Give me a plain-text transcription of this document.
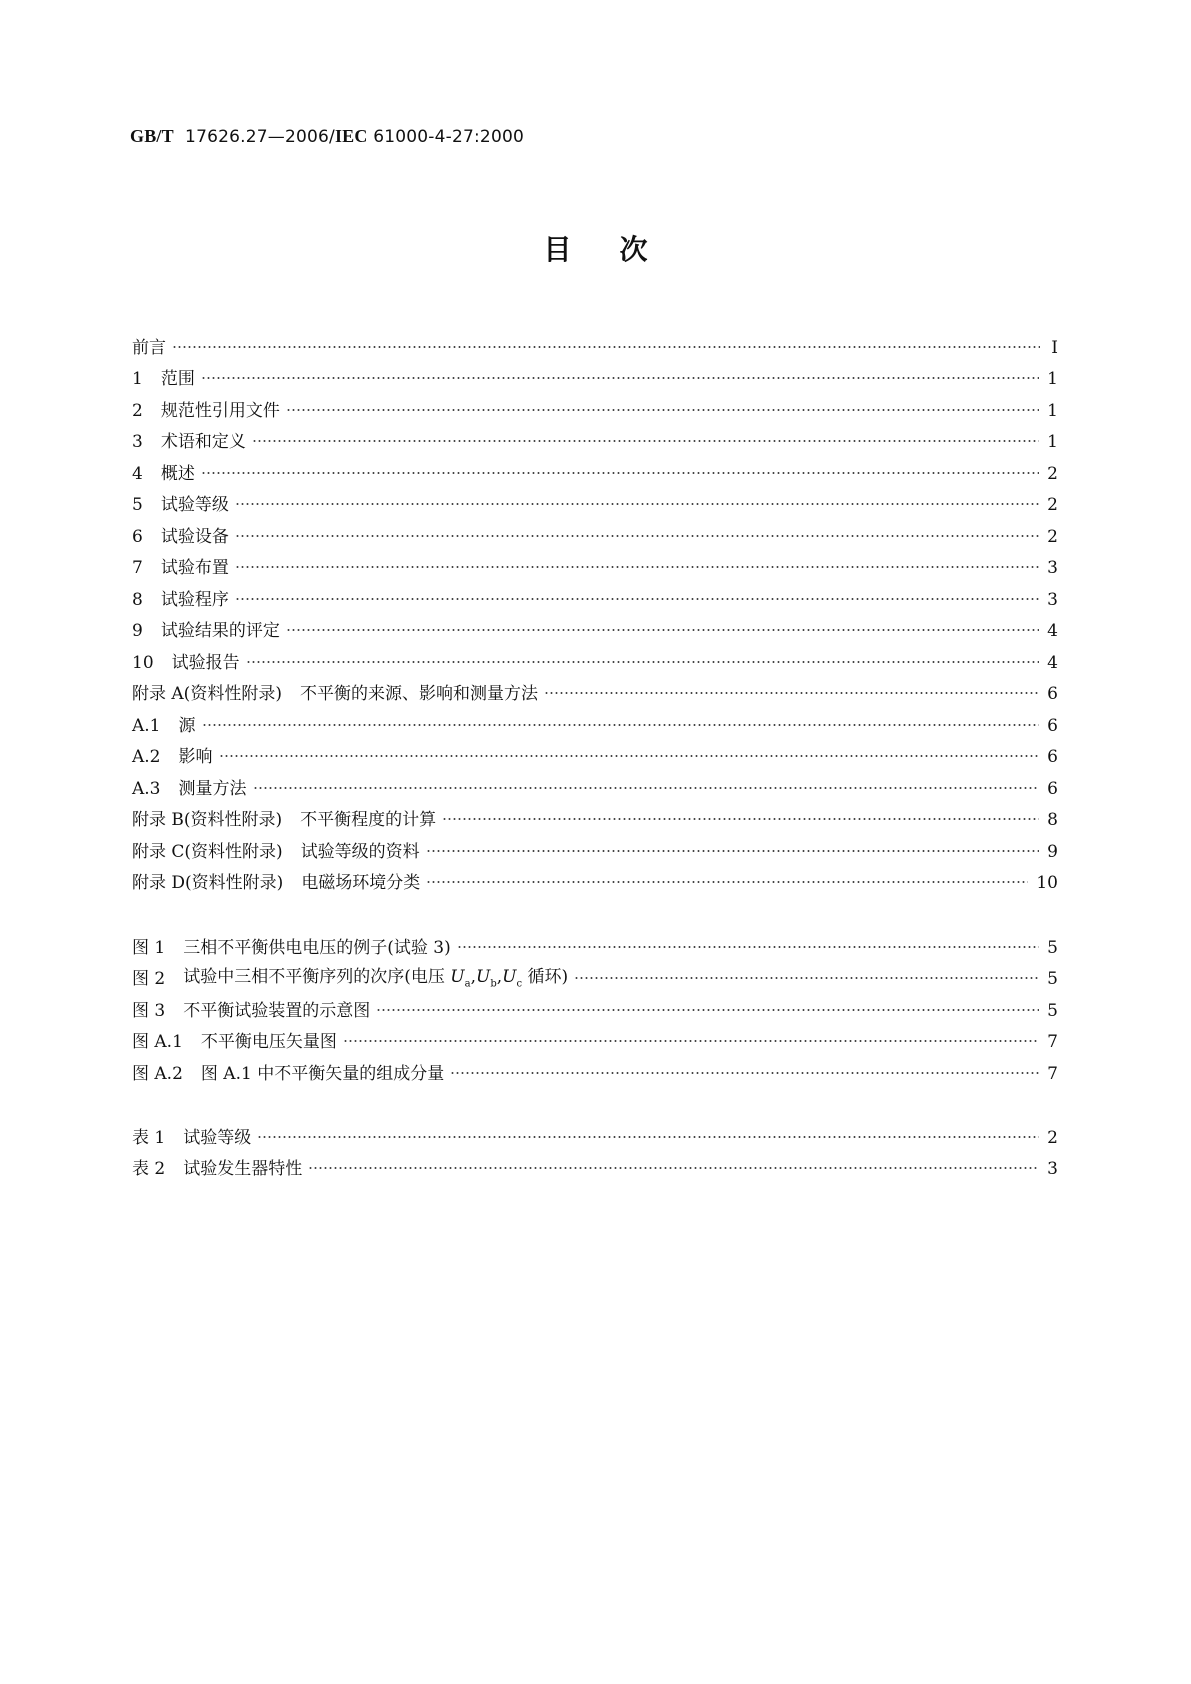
GB/T 17626.27—2006/IEC 61000-4-27:2000
目次
前言	I
1 范围	1
2 规范性引用文件	1
3 术语和定义	1
4 概述	2
5 试验等级	2
6 试验设备	2
7 试验布置	3
8 试验程序	3
9 试验结果的评定	4
10 试验报告	4
附录 A(资料性附录) 不平衡的来源、影响和测量方法	6
A.1 源	6
A.2 影响	6
A.3 测量方法	6
附录 B(资料性附录) 不平衡程度的计算	8
附录 C(资料性附录) 试验等级的资料	9
附录 D(资料性附录) 电磁场环境分类	10
图 1 三相不平衡供电电压的例子(试验 3)	5
图 2 试验中三相不平衡序列的次序(电压 $U_a,U_b,U_c$ 循环)	5
图 3 不平衡试验装置的示意图	5
图 A.1 不平衡电压矢量图	7
图 A.2 图 A.1 中不平衡矢量的组成分量	7
表 1 试验等级	2
表 2 试验发生器特性	3
